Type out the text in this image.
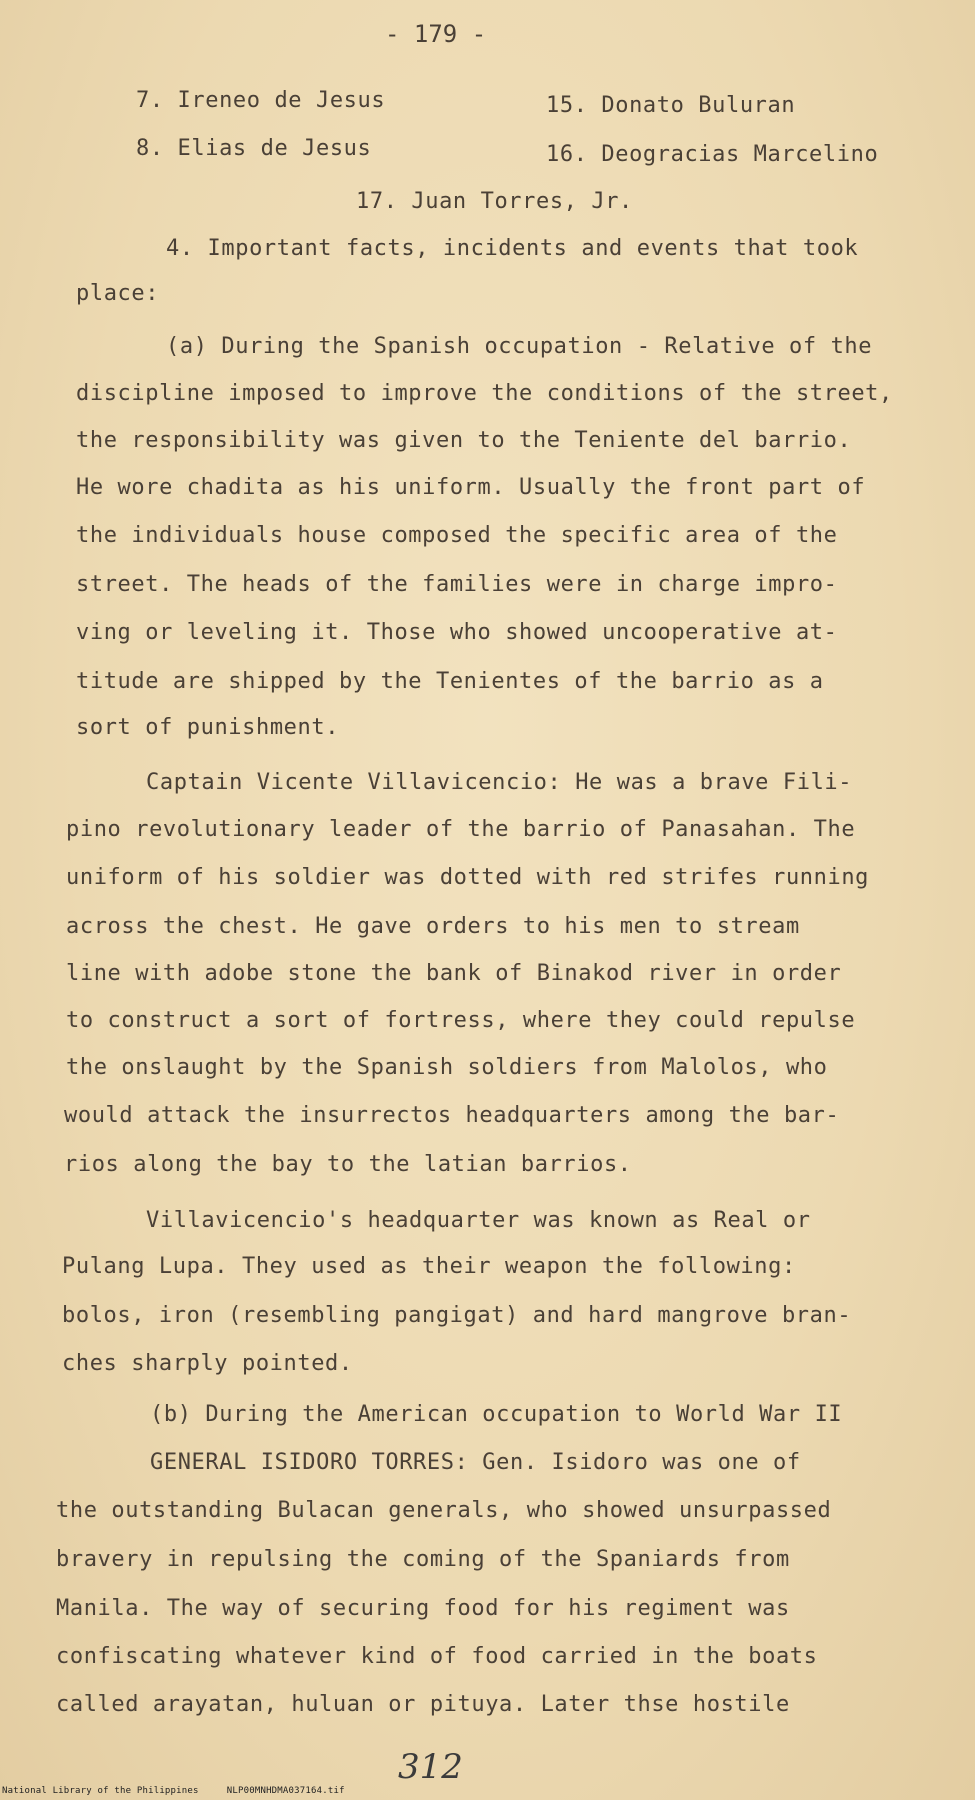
- 179 -
7. Ireneo de Jesus	15. Donato Buluran
8. Elias de Jesus	16. Deogracias Marcelino
17. Juan Torres, Jr.
4. Important facts, incidents and events that took
place:
(a) During the Spanish occupation - Relative of the
discipline imposed to improve the conditions of the street,
the responsibility was given to the Teniente del barrio.
He wore chadita as his uniform. Usually the front part of
the individuals house composed the specific area of the
street. The heads of the families were in charge impro-
ving or leveling it. Those who showed uncooperative at-
titude are shipped by the Tenientes of the barrio as a
sort of punishment.
Captain Vicente Villavicencio: He was a brave Fili-
pino revolutionary leader of the barrio of Panasahan. The
uniform of his soldier was dotted with red strifes running
across the chest. He gave orders to his men to stream
line with adobe stone the bank of Binakod river in order
to construct a sort of fortress, where they could repulse
the onslaught by the Spanish soldiers from Malolos, who
would attack the insurrectos headquarters among the bar-
rios along the bay to the latian barrios.
Villavicencio's headquarter was known as Real or
Pulang Lupa. They used as their weapon the following:
bolos, iron (resembling pangigat) and hard mangrove bran-
ches sharply pointed.
(b) During the American occupation to World War II
GENERAL ISIDORO TORRES: Gen. Isidoro was one of
the outstanding Bulacan generals, who showed unsurpassed
bravery in repulsing the coming of the Spaniards from
Manila. The way of securing food for his regiment was
confiscating whatever kind of food carried in the boats
called arayatan, huluan or pituya. Later thse hostile
312
National Library of the Philippines     NLP00MNHDMA037164.tif
